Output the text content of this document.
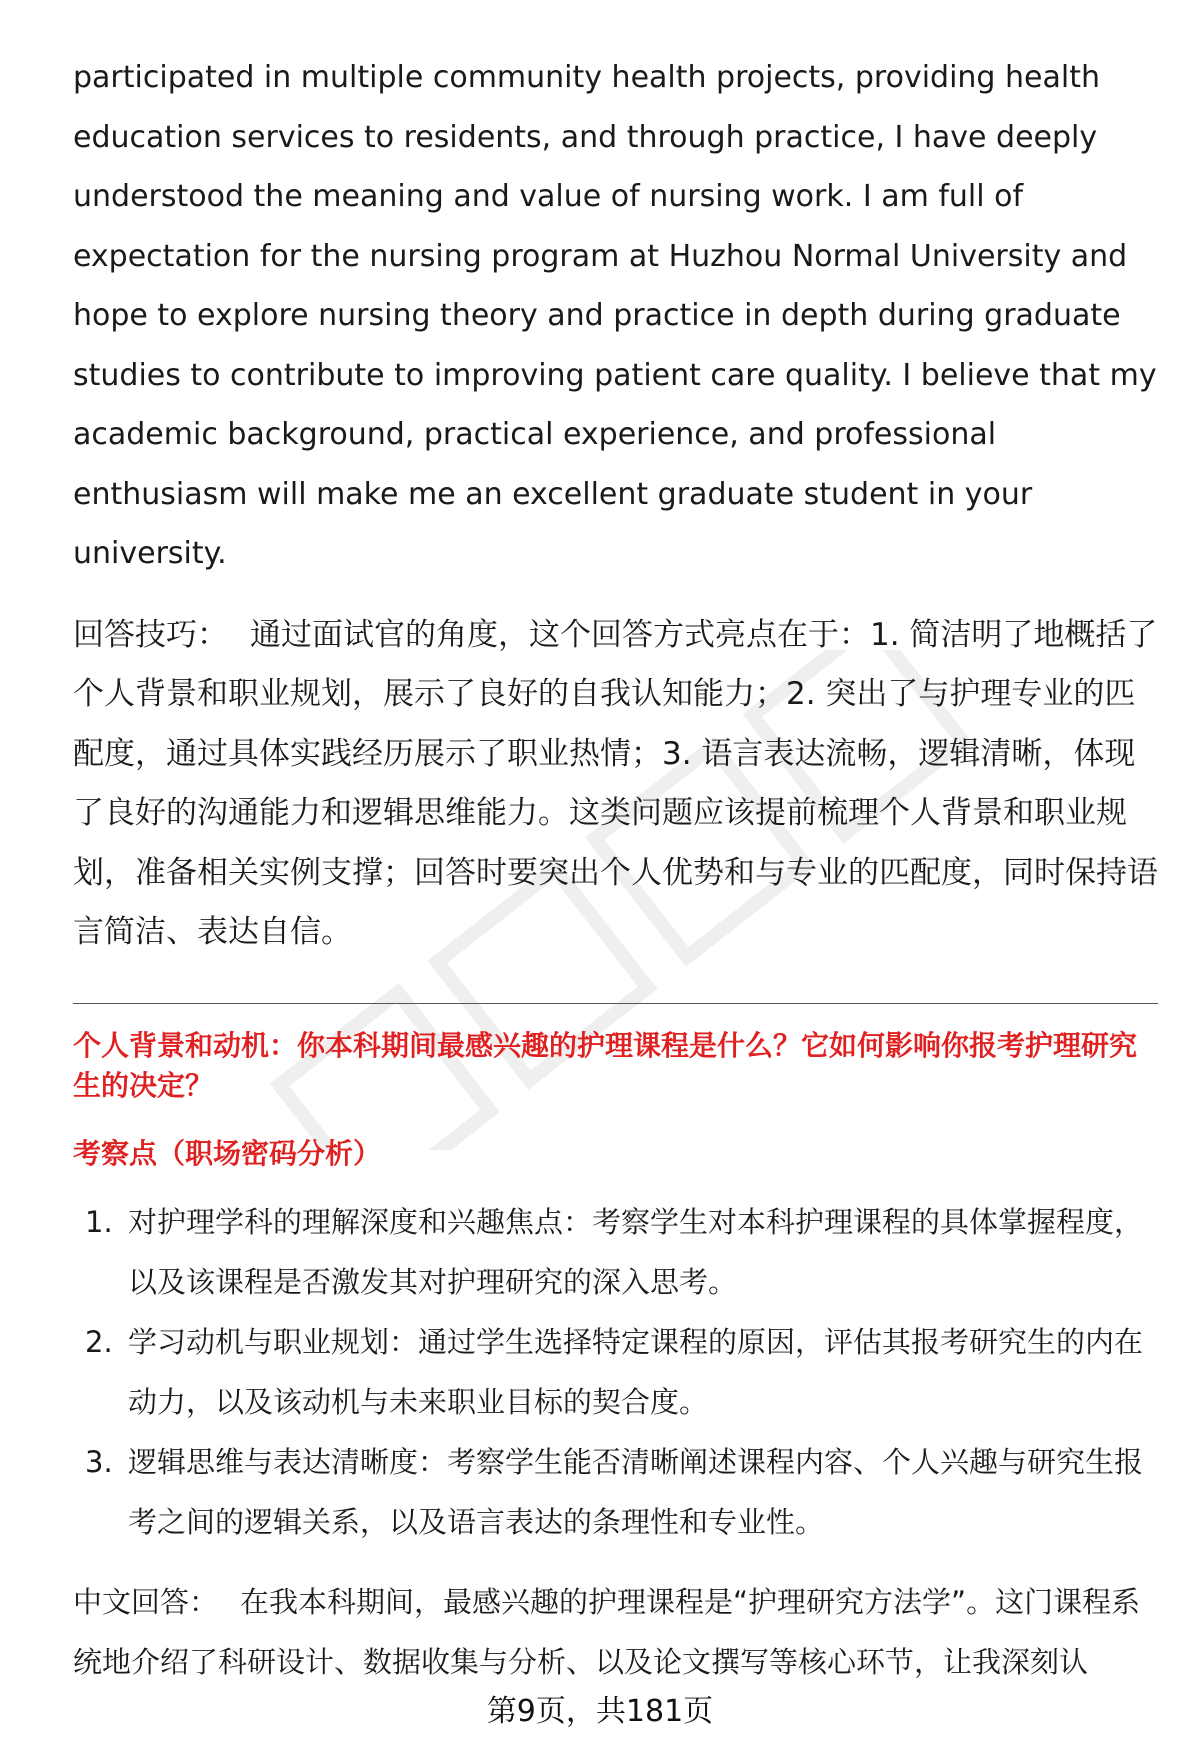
participated in multiple community health projects, providing health education services to residents, and through practice, I have deeply understood the meaning and value of nursing work. I am full of expectation for the nursing program at Huzhou Normal University and hope to explore nursing theory and practice in depth during graduate studies to contribute to improving patient care quality. I believe that my academic background, practical experience, and professional enthusiasm will make me an excellent graduate student in your university.

回答技巧： 通过面试官的角度，这个回答方式亮点在于：1. 简洁明了地概括了个人背景和职业规划，展示了良好的自我认知能力；2. 突出了与护理专业的匹配度，通过具体实践经历展示了职业热情；3. 语言表达流畅，逻辑清晰，体现了良好的沟通能力和逻辑思维能力。这类问题应该提前梳理个人背景和职业规划，准备相关实例支撑；回答时要突出个人优势和与专业的匹配度，同时保持语言简洁、表达自信。

个人背景和动机：你本科期间最感兴趣的护理课程是什么？它如何影响你报考护理研究生的决定？

考察点（职场密码分析）

1. 对护理学科的理解深度和兴趣焦点：考察学生对本科护理课程的具体掌握程度，以及该课程是否激发其对护理研究的深入思考。
2. 学习动机与职业规划：通过学生选择特定课程的原因，评估其报考研究生的内在动力，以及该动机与未来职业目标的契合度。
3. 逻辑思维与表达清晰度：考察学生能否清晰阐述课程内容、个人兴趣与研究生报考之间的逻辑关系，以及语言表达的条理性和专业性。

中文回答： 在我本科期间，最感兴趣的护理课程是“护理研究方法学”。这门课程系统地介绍了科研设计、数据收集与分析、以及论文撰写等核心环节，让我深刻认

第9页，共181页
